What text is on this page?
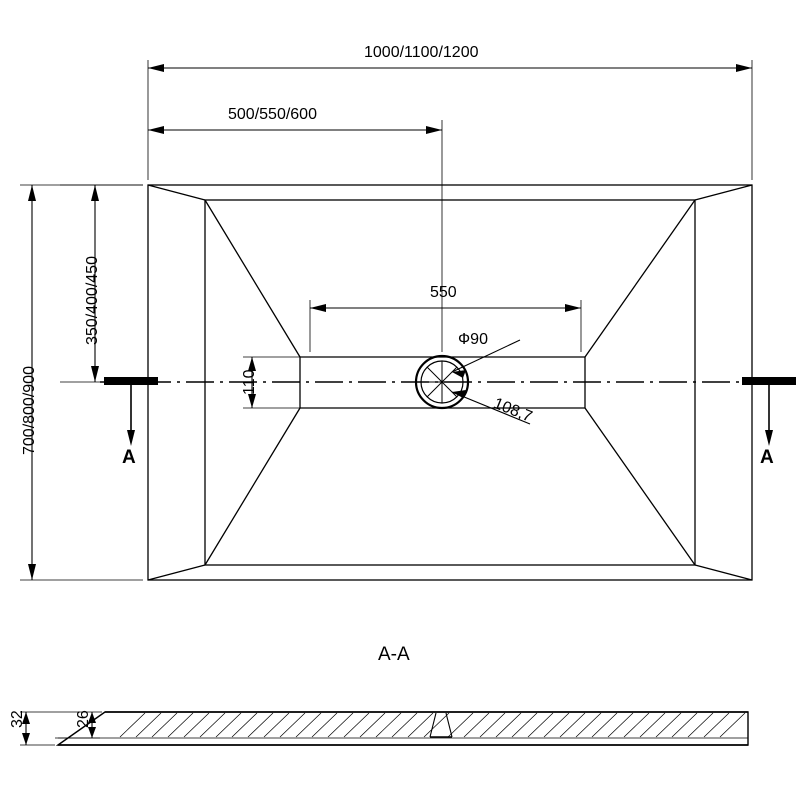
1000/1100/1200
500/550/600
700/800/900
350/400/450	550
110
Ф90
108,7
A	A
A-A
32	26
